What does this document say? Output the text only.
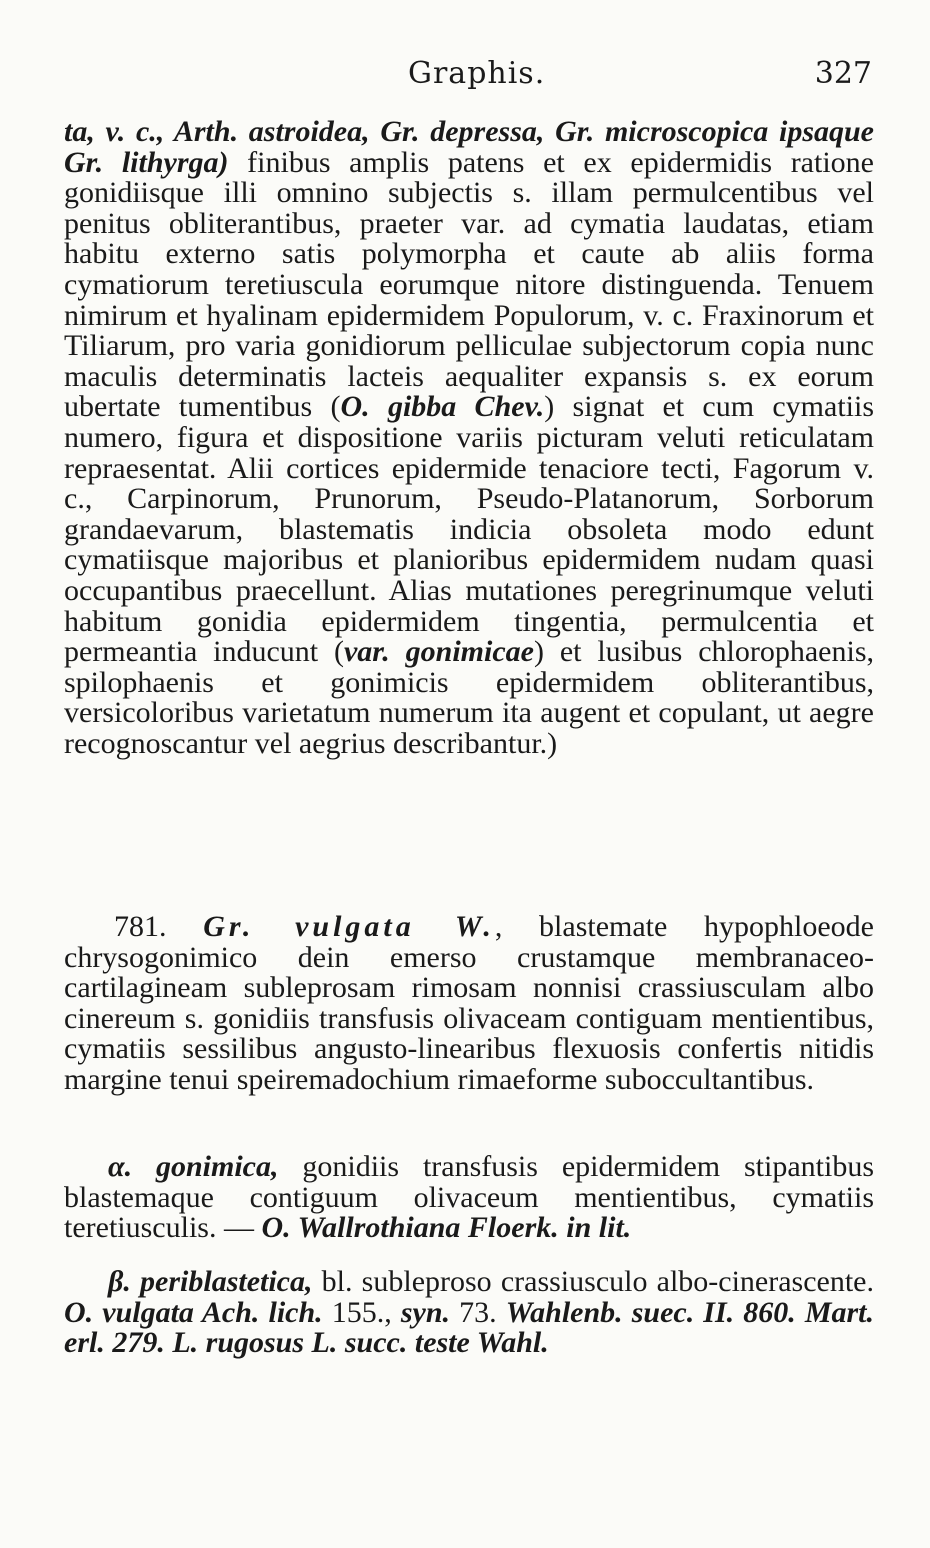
Graphis.	327

ta, v. c., Arth. astroidea, Gr. depressa, Gr. microscopica ipsaque Gr. lithyrga) finibus amplis patens et ex epidermidis ratione gonidiisque illi omnino subjectis s. illam permulcentibus vel penitus obliterantibus, praeter var. ad cymatia laudatas, etiam habitu externo satis polymorpha et caute ab aliis forma cymatiorum teretiuscula eorumque nitore distinguenda. Tenuem nimirum et hyalinam epidermidem Populorum, v. c. Fraxinorum et Tiliarum, pro varia gonidiorum pelliculae subjectorum copia nunc maculis determinatis lacteis aequaliter expansis s. ex eorum ubertate tumentibus (O. gibba Chev.) signat et cum cymatiis numero, figura et dispositione variis picturam veluti reticulatam repraesentat. Alii cortices epidermide tenaciore tecti, Fagorum v. c., Carpinorum, Prunorum, Pseudo-Platanorum, Sorborum grandaevarum, blastematis indicia obsoleta modo edunt cymatiisque majoribus et planioribus epidermidem nudam quasi occupantibus praecellunt. Alias mutationes peregrinumque veluti habitum gonidia epidermidem tingentia, permulcentia et permeantia inducunt (var. gonimicae) et lusibus chlorophaenis, spilophaenis et gonimicis epidermidem obliterantibus, versicoloribus varietatum numerum ita augent et copulant, ut aegre recognoscantur vel aegrius describantur.)

781. Gr. vulgata W., blastemate hypophloeode chrysogonimico dein emerso crustamque membranaceo-cartilagineam subleprosam rimosam nonnisi crassiusculam albo cinereum s. gonidiis transfusis olivaceam contiguam mentientibus, cymatiis sessilibus angusto-linearibus flexuosis confertis nitidis margine tenui speiremadochium rimaeforme suboccultantibus.

α. gonimica, gonidiis transfusis epidermidem stipantibus blastemaque contiguum olivaceum mentientibus, cymatiis teretiusculis. — O. Wallrothiana Floerk. in lit.

β. periblastetica, bl. subleproso crassiusculo albo-cinerascente. O. vulgata Ach. lich. 155., syn. 73. Wahlenb. suec. II. 860. Mart. erl. 279. L. rugosus L. succ. teste Wahl.
